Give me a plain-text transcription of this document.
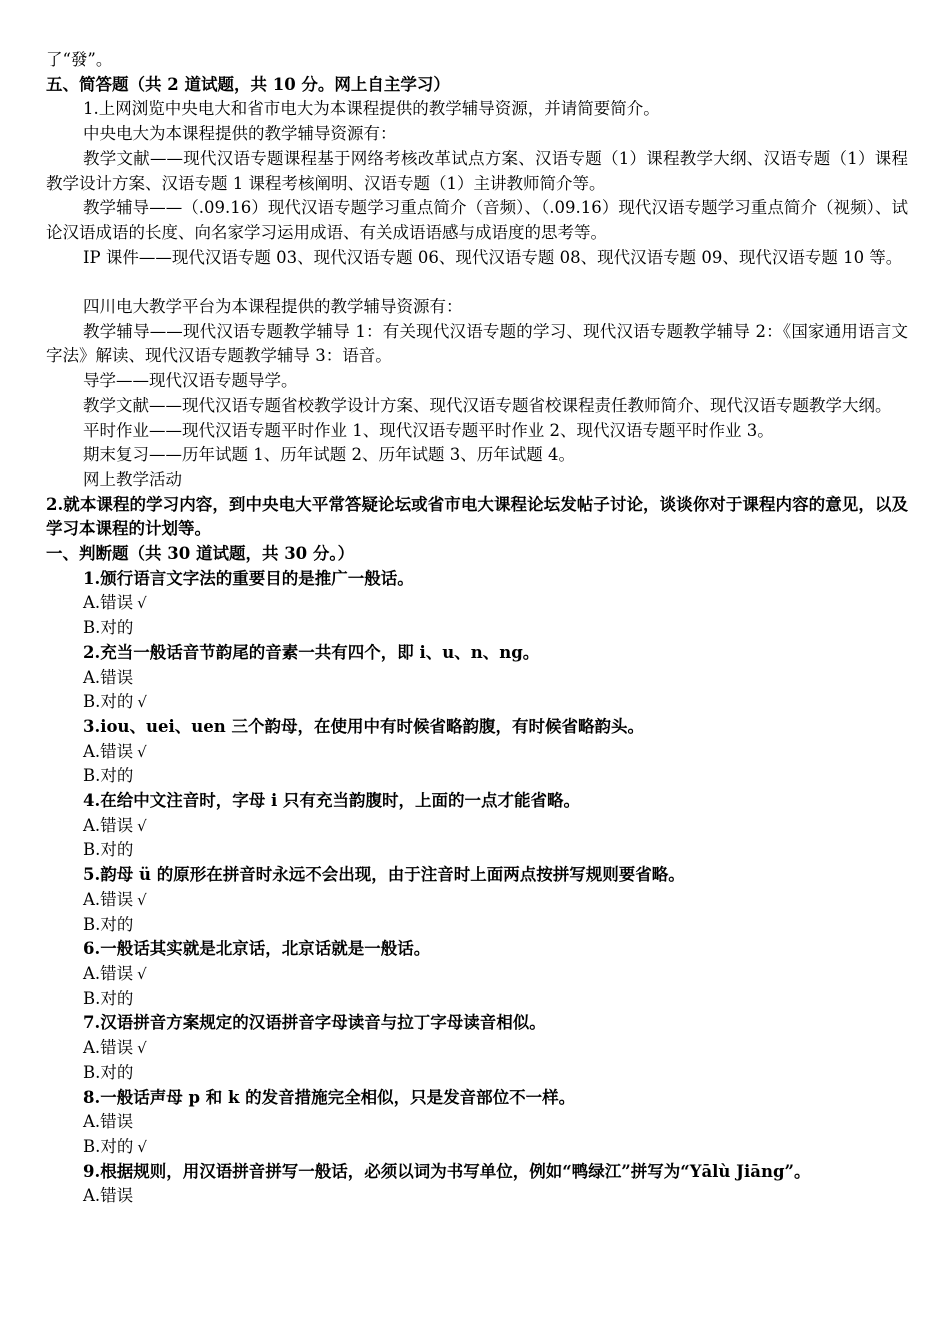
了“發”。
五、简答题（共 2 道试题，共 10 分。网上自主学习）
1.上网浏览中央电大和省市电大为本课程提供的教学辅导资源，并请简要简介。
中央电大为本课程提供的教学辅导资源有：
教学文献——现代汉语专题课程基于网络考核改革试点方案、汉语专题（1）课程教学大纲、汉语专题（1）课程教学设计方案、汉语专题 1 课程考核阐明、汉语专题（1）主讲教师简介等。
教学辅导——（.09.16）现代汉语专题学习重点简介（音频）、（.09.16）现代汉语专题学习重点简介（视频）、试论汉语成语的长度、向名家学习运用成语、有关成语语感与成语度的思考等。
IP 课件——现代汉语专题 03、现代汉语专题 06、现代汉语专题 08、现代汉语专题 09、现代汉语专题 10 等。
四川电大教学平台为本课程提供的教学辅导资源有：
教学辅导——现代汉语专题教学辅导 1：有关现代汉语专题的学习、现代汉语专题教学辅导 2：《国家通用语言文字法》解读、现代汉语专题教学辅导 3：语音。
导学——现代汉语专题导学。
教学文献——现代汉语专题省校教学设计方案、现代汉语专题省校课程责任教师简介、现代汉语专题教学大纲。
平时作业——现代汉语专题平时作业 1、现代汉语专题平时作业 2、现代汉语专题平时作业 3。
期末复习——历年试题 1、历年试题 2、历年试题 3、历年试题 4。
网上教学活动
2.就本课程的学习内容，到中央电大平常答疑论坛或省市电大课程论坛发帖子讨论，谈谈你对于课程内容的意见，以及学习本课程的计划等。
一、判断题（共 30 道试题，共 30 分。）
1.颁行语言文字法的重要目的是推广一般话。
A.错误 √
B.对的
2.充当一般话音节韵尾的音素一共有四个，即 i、u、n、ng。
A.错误
B.对的 √
3.iou、uei、uen 三个韵母，在使用中有时候省略韵腹，有时候省略韵头。
A.错误 √
B.对的
4.在给中文注音时，字母 i 只有充当韵腹时，上面的一点才能省略。
A.错误 √
B.对的
5.韵母 ü 的原形在拼音时永远不会出现，由于注音时上面两点按拼写规则要省略。
A.错误 √
B.对的
6.一般话其实就是北京话，北京话就是一般话。
A.错误 √
B.对的
7.汉语拼音方案规定的汉语拼音字母读音与拉丁字母读音相似。
A.错误 √
B.对的
8.一般话声母 p 和 k 的发音措施完全相似，只是发音部位不一样。
A.错误
B.对的 √
9.根据规则，用汉语拼音拼写一般话，必须以词为书写单位，例如“鸭绿江”拼写为“Yālù Jiāng”。
A.错误
